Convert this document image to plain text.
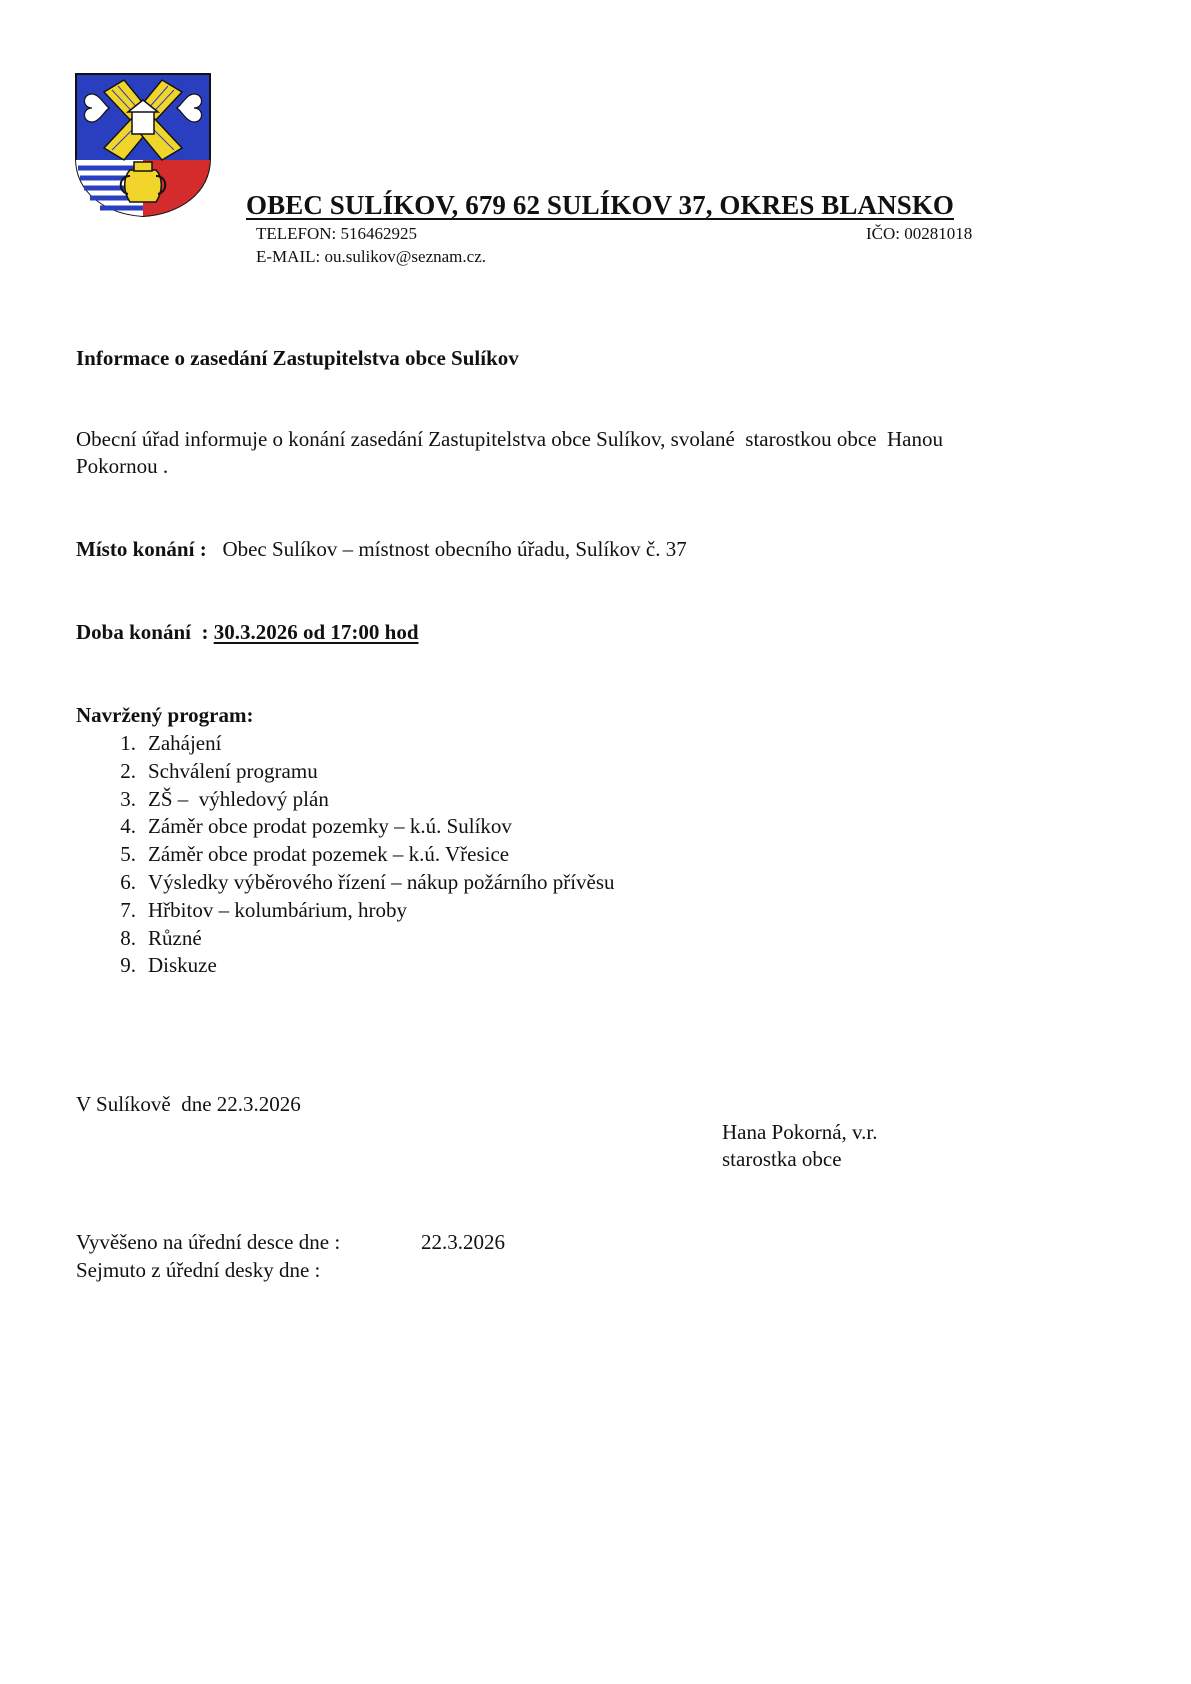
OBEC SULÍKOV, 679 62 SULÍKOV 37, OKRES BLANSKO
TELEFON: 516462925	IČO: 00281018
E-MAIL: ou.sulikov@seznam.cz.
Informace o zasedání Zastupitelstva obce Sulíkov
Obecní úřad informuje o konání zasedání Zastupitelstva obce Sulíkov, svolané  starostkou obce  Hanou
Pokornou .
Místo konání : Obec Sulíkov – místnost obecního úřadu, Sulíkov č. 37
Doba konání  : 30.3.2026 od 17:00 hod
Navržený program:
1. Zahájení
2. Schválení programu
3. ZŠ –  výhledový plán
4. Záměr obce prodat pozemky – k.ú. Sulíkov
5. Záměr obce prodat pozemek – k.ú. Vřesice
6. Výsledky výběrového řízení – nákup požárního přívěsu
7. Hřbitov – kolumbárium, hroby
8. Různé
9. Diskuze
V Sulíkově  dne 22.3.2026
Hana Pokorná, v.r.
starostka obce
Vyvěšeno na úřední desce dne :	22.3.2026
Sejmuto z úřední desky dne :
